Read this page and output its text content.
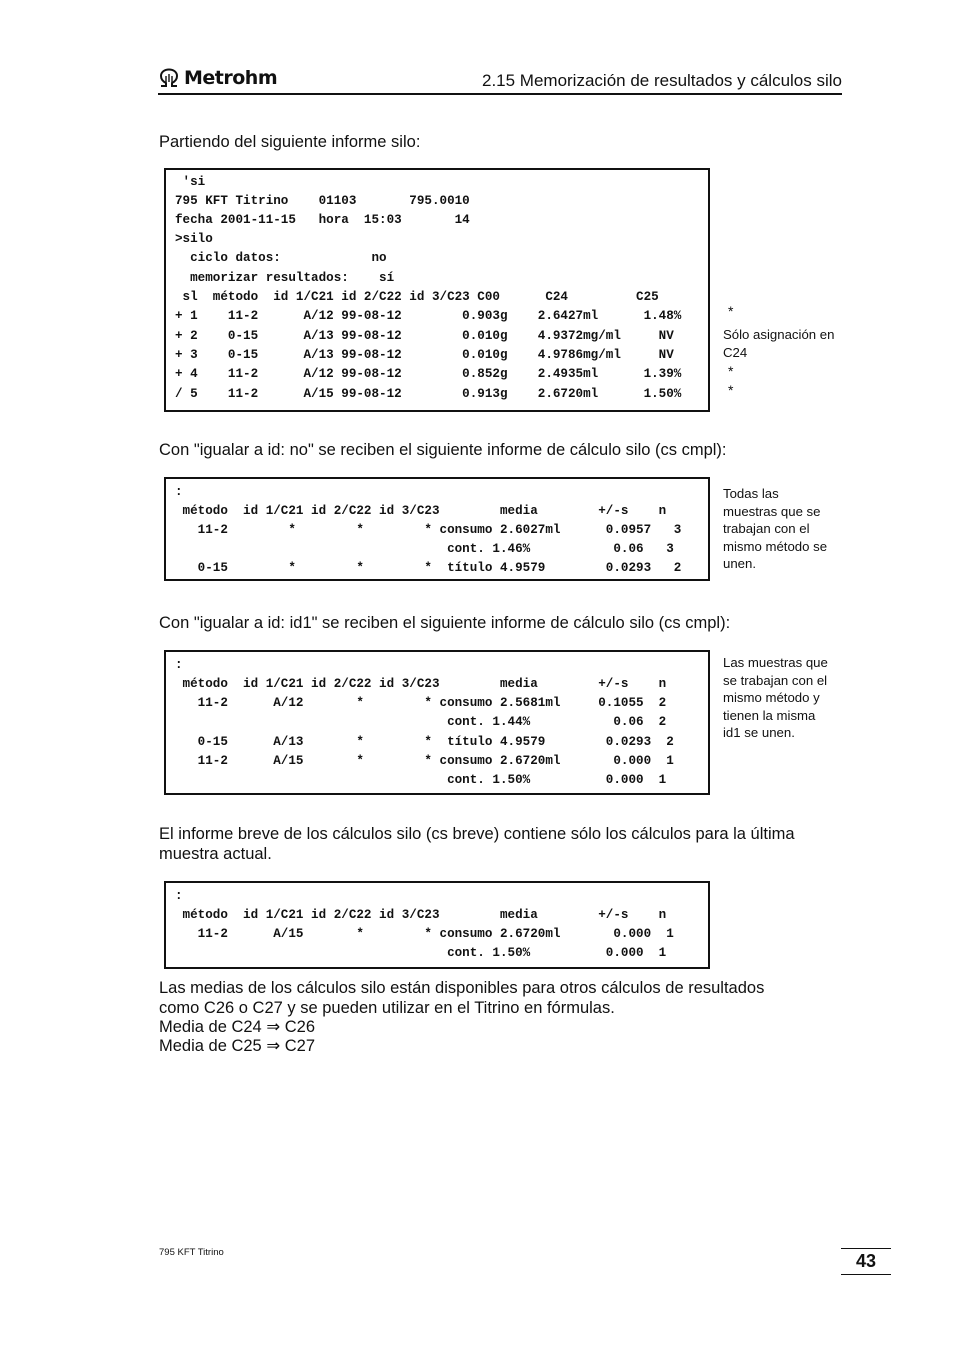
Metrohm	2.15 Memorización de resultados y cálculos silo
Partiendo del siguiente informe silo:
'si
795 KFT Titrino    01103       795.0010
fecha 2001-11-15   hora  15:03       14
>silo
ciclo datos:            no
memorizar resultados:    sí
sl  método  id 1/C21 id 2/C22 id 3/C23 C00      C24         C25
+ 1    11-2      A/12 99-08-12        0.903g    2.6427ml      1.48%
+ 2    0-15      A/13 99-08-12        0.010g    4.9372mg/ml     NV
+ 3    0-15      A/13 99-08-12        0.010g    4.9786mg/ml     NV
+ 4    11-2      A/12 99-08-12        0.852g    2.4935ml      1.39%
/ 5    11-2      A/15 99-08-12        0.913g    2.6720ml      1.50%
*
Sólo asignación en C24
*
*
Con "igualar a id: no" se reciben el siguiente informe de cálculo silo (cs cmpl):
:
método  id 1/C21 id 2/C22 id 3/C23        media        +/-s    n
11-2        *        *        * consumo 2.6027ml      0.0957   3
cont. 1.46%           0.06   3
0-15        *        *        *  título 4.9579        0.0293   2
Todas las muestras que se trabajan con el mismo método se unen.
Con "igualar a id: id1" se reciben el siguiente informe de cálculo silo (cs cmpl):
:
método  id 1/C21 id 2/C22 id 3/C23        media        +/-s    n
11-2      A/12       *        * consumo 2.5681ml     0.1055  2
cont. 1.44%           0.06  2
0-15      A/13       *        *  título 4.9579        0.0293  2
11-2      A/15       *        * consumo 2.6720ml       0.000  1
cont. 1.50%          0.000  1
Las muestras que se trabajan con el mismo método y tienen la misma id1 se unen.
El informe breve de los cálculos silo (cs breve) contiene sólo los cálculos para la última
muestra actual.
:
método  id 1/C21 id 2/C22 id 3/C23        media        +/-s    n
11-2      A/15       *        * consumo 2.6720ml       0.000  1
cont. 1.50%          0.000  1
Las medias de los cálculos silo están disponibles para otros cálculos de resultados
como C26 o C27 y se pueden utilizar en el Titrino en fórmulas.
Media de C24 ⇒ C26
Media de C25 ⇒ C27
795 KFT Titrino	43
